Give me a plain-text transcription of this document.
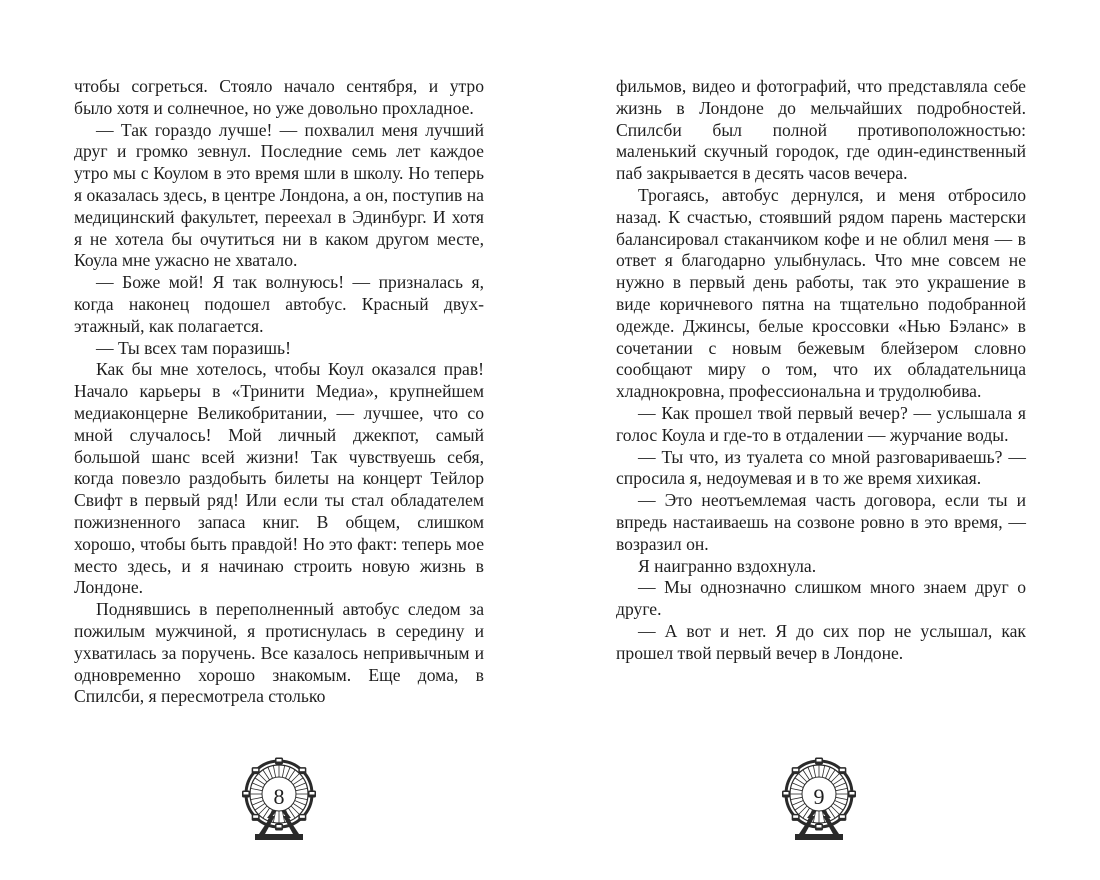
чтобы согреться. Стояло начало сентября, и утро было хотя и солнечное, но уже довольно прохладное.

— Так гораздо лучше! — похвалил меня лучший друг и громко зевнул. Последние семь лет каждое утро мы с Коулом в это время шли в школу. Но теперь я оказалась здесь, в центре Лондона, а он, поступив на медицинский факультет, переехал в Эдинбург. И хотя я не хотела бы очутиться ни в каком другом месте, Коула мне ужасно не хватало.

— Боже мой! Я так волнуюсь! — призналась я, когда наконец подошел автобус. Красный двухэтажный, как полагается.

— Ты всех там поразишь!

Как бы мне хотелось, чтобы Коул оказался прав! Начало карьеры в «Тринити Медиа», крупнейшем медиаконцерне Великобритании, — лучшее, что со мной случалось! Мой личный джекпот, самый большой шанс всей жизни! Так чувствуешь себя, когда повезло раздобыть билеты на концерт Тейлор Свифт в первый ряд! Или если ты стал обладателем пожизненного запаса книг. В общем, слишком хорошо, чтобы быть правдой! Но это факт: теперь мое место здесь, и я начинаю строить новую жизнь в Лондоне.

Поднявшись в переполненный автобус следом за пожилым мужчиной, я протиснулась в середину и ухватилась за поручень. Все казалось непривычным и одновременно хорошо знакомым. Еще дома, в Спилсби, я пересмотрела столько

8

фильмов, видео и фотографий, что представляла себе жизнь в Лондоне до мельчайших подробностей. Спилсби был полной противоположностью: маленький скучный городок, где один-единственный паб закрывается в десять часов вечера.

Трогаясь, автобус дернулся, и меня отбросило назад. К счастью, стоявший рядом парень мастерски балансировал стаканчиком кофе и не облил меня — в ответ я благодарно улыбнулась. Что мне совсем не нужно в первый день работы, так это украшение в виде коричневого пятна на тщательно подобранной одежде. Джинсы, белые кроссовки «Нью Бэланс» в сочетании с новым бежевым блейзером словно сообщают миру о том, что их обладательница хладнокровна, профессиональна и трудолюбива.

— Как прошел твой первый вечер? — услышала я голос Коула и где-то в отдалении — журчание воды.

— Ты что, из туалета со мной разговариваешь? — спросила я, недоумевая и в то же время хихикая.

— Это неотъемлемая часть договора, если ты и впредь настаиваешь на созвоне ровно в это время, — возразил он.

Я наигранно вздохнула.

— Мы однозначно слишком много знаем друг о друге.

— А вот и нет. Я до сих пор не услышал, как прошел твой первый вечер в Лондоне.

9
